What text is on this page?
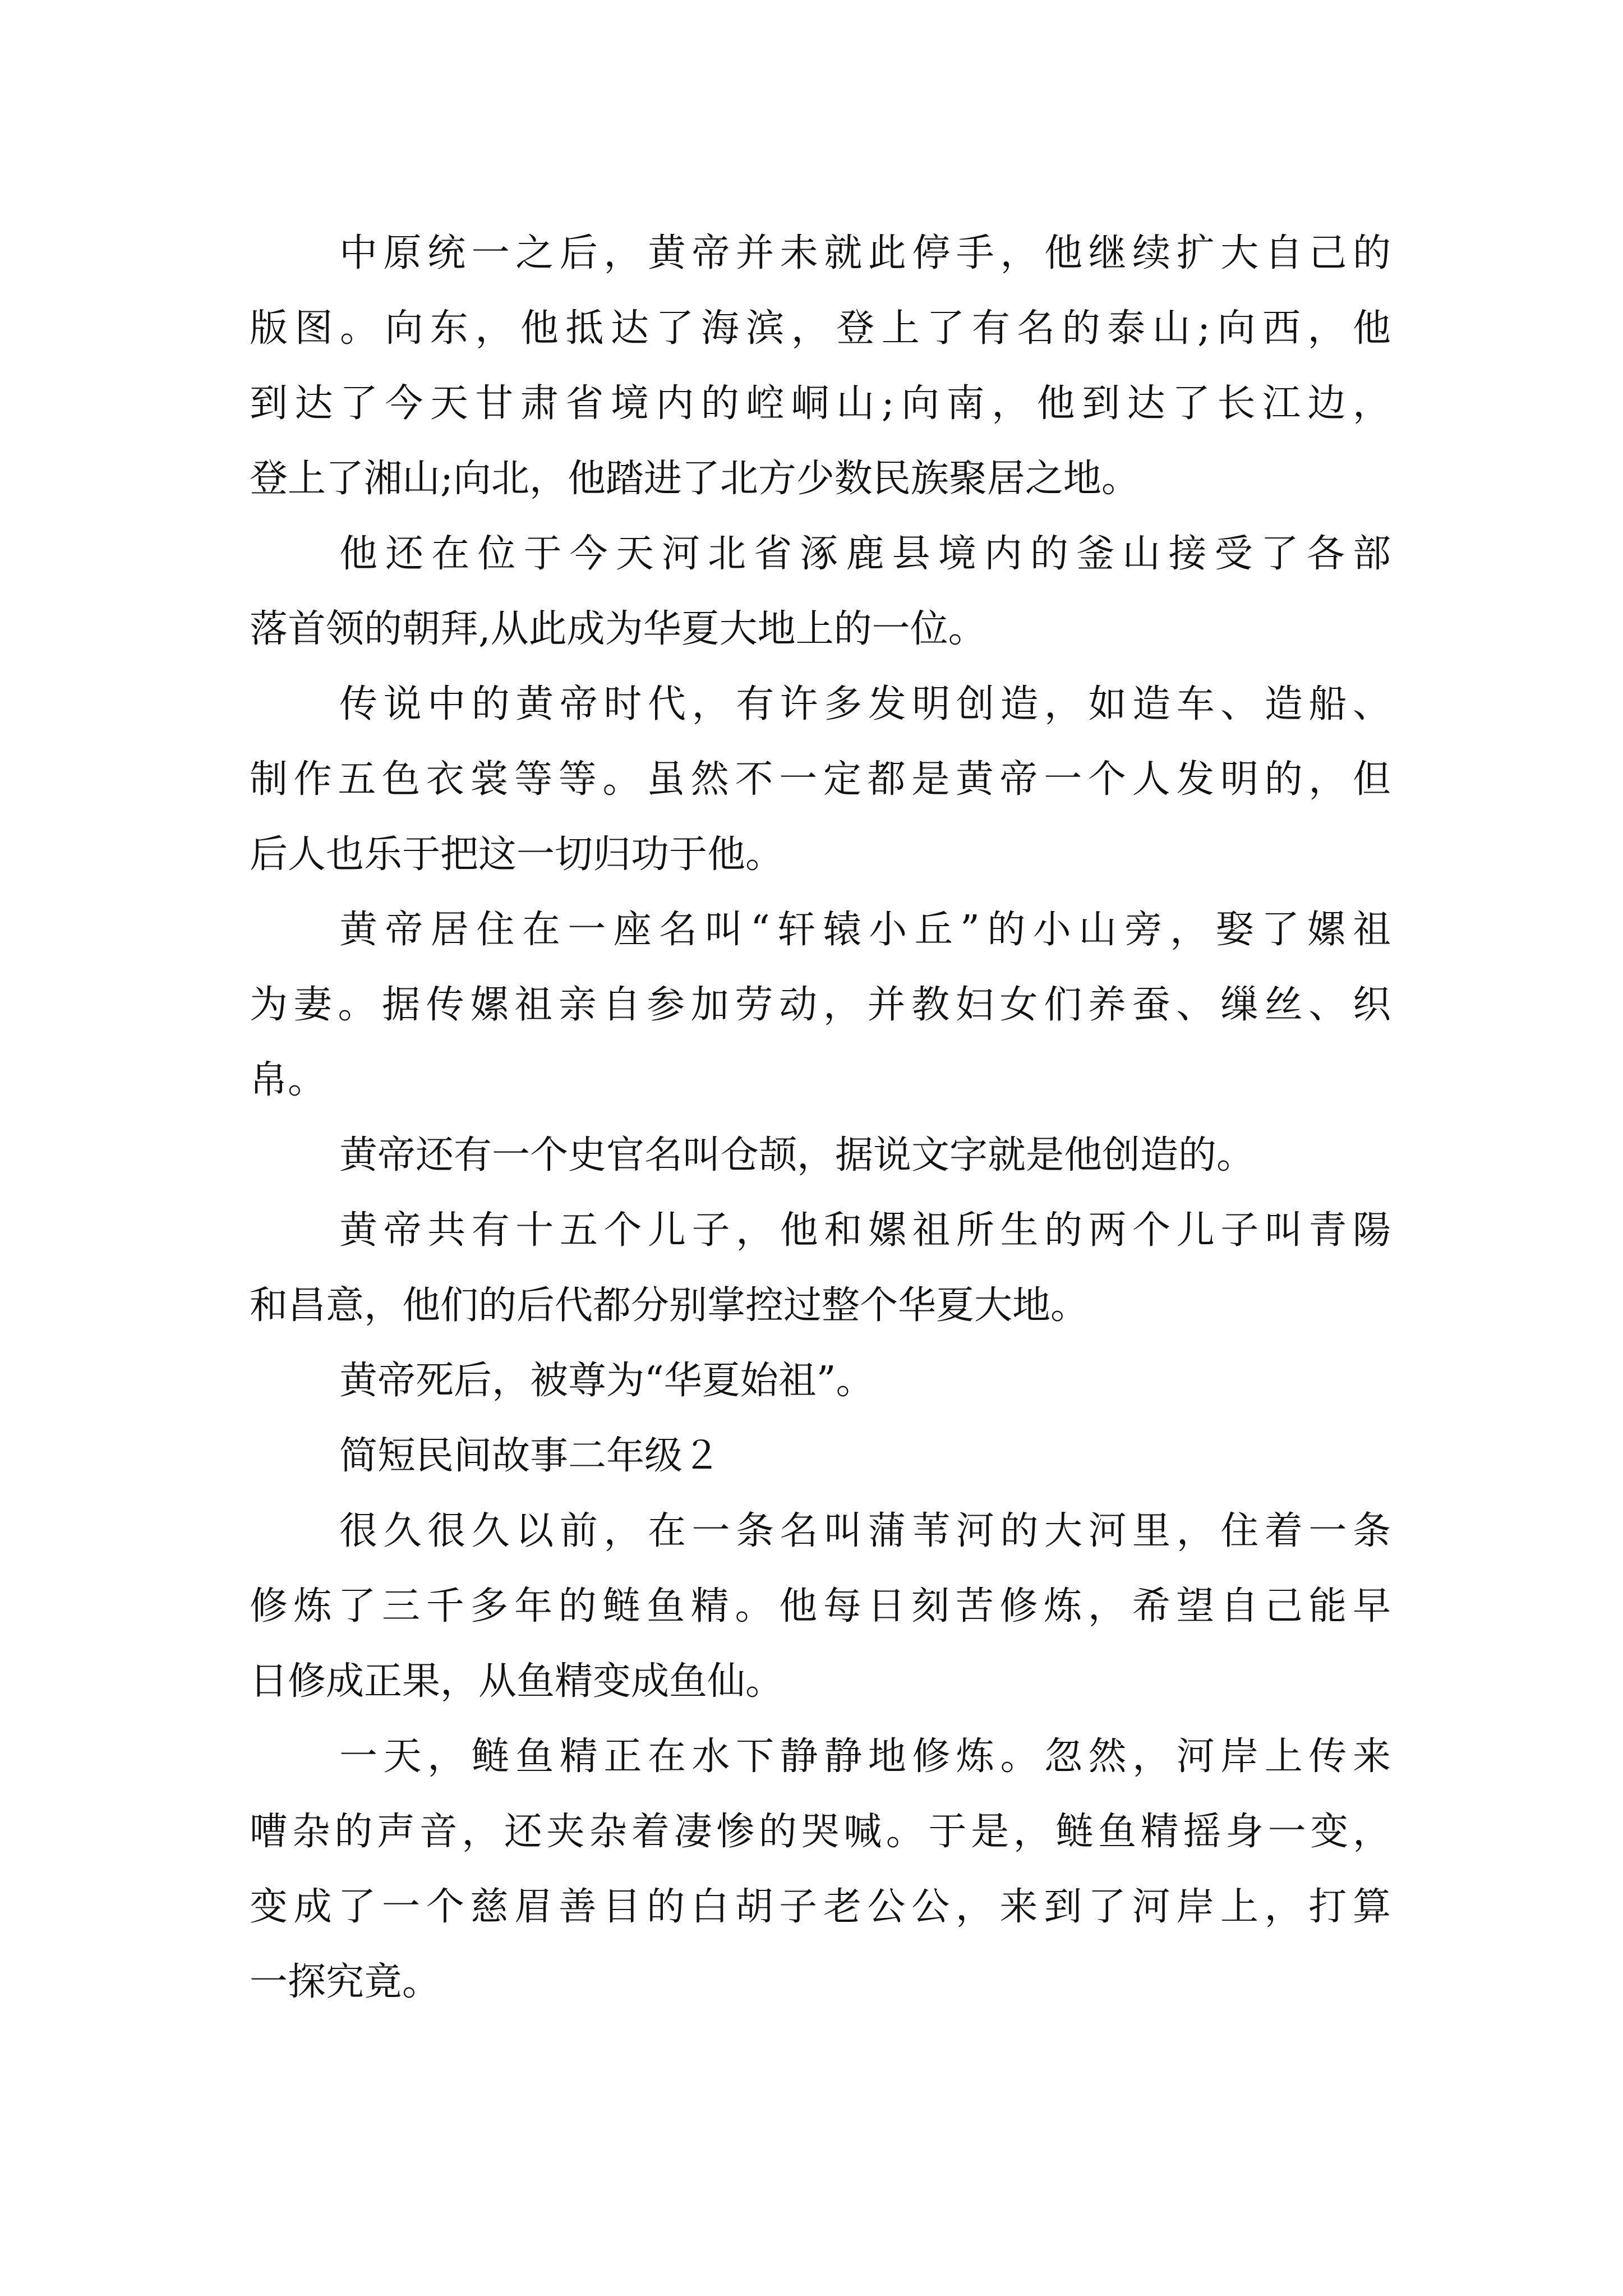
中原统一之后，黄帝并未就此停手，他继续扩大自己的
版图。向东，他抵达了海滨，登上了有名的泰山;向西，他
到达了今天甘肃省境内的崆峒山;向南，他到达了长江边，
登上了湘山;向北，他踏进了北方少数民族聚居之地。
他还在位于今天河北省涿鹿县境内的釜山接受了各部
落首领的朝拜,从此成为华夏大地上的一位。
传说中的黄帝时代，有许多发明创造，如造车、造船、
制作五色衣裳等等。虽然不一定都是黄帝一个人发明的，但
后人也乐于把这一切归功于他。
黄帝居住在一座名叫“轩辕小丘”的小山旁，娶了嫘祖
为妻。据传嫘祖亲自参加劳动，并教妇女们养蚕、缫丝、织
帛。
黄帝还有一个史官名叫仓颉，据说文字就是他创造的。
黄帝共有十五个儿子，他和嫘祖所生的两个儿子叫青陽
和昌意，他们的后代都分别掌控过整个华夏大地。
黄帝死后，被尊为“华夏始祖”。
简短民间故事二年级２
很久很久以前，在一条名叫蒲苇河的大河里，住着一条
修炼了三千多年的鲢鱼精。他每日刻苦修炼，希望自己能早
日修成正果，从鱼精变成鱼仙。
一天，鲢鱼精正在水下静静地修炼。忽然，河岸上传来
嘈杂的声音，还夹杂着凄惨的哭喊。于是，鲢鱼精摇身一变，
变成了一个慈眉善目的白胡子老公公，来到了河岸上，打算
一探究竟。
